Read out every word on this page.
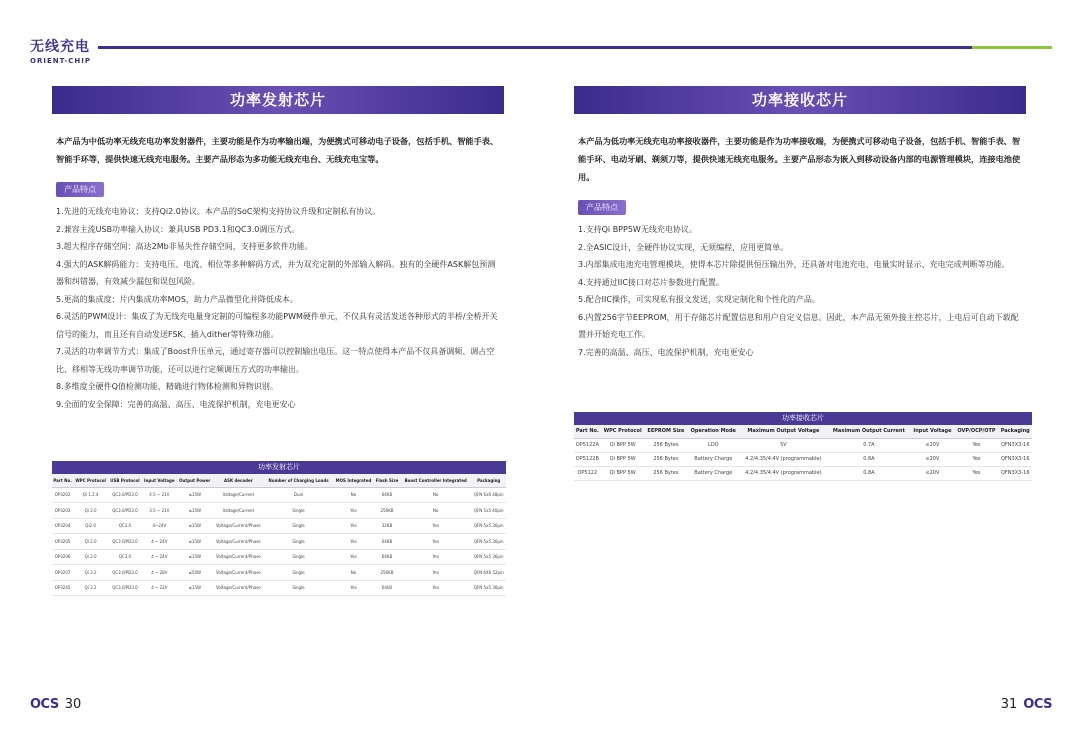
无线充电
ORIENT-CHIP
功率发射芯片
本产品为中低功率无线充电功率发射器件，主要功能是作为功率输出端，为便携式可移动电子设备，包括手机、智能手表、智能手环等，提供快速无线充电服务。主要产品形态为多功能无线充电台、无线充电宝等。
产品特点

1.先进的无线充电协议：支持Qi2.0协议。本产品的SoC架构支持协议升级和定制私有协议。

2.兼容主流USB功率输入协议：兼具USB PD3.1和QC3.0调压方式。

3.超大程序存储空间：高达2Mb非易失性存储空间，支持更多软件功能。

4.强大的ASK解码能力：支持电压、电流、相位等多种解码方式，并为双充定制的外部输入解码。独有的全硬件ASK解包预测器和纠错器，有效减少漏包和误包风险。

5.更高的集成度：片内集成功率MOS，助力产品微型化并降低成本。

6.灵活的PWM设计：集成了为无线充电量身定制的可编程多功能PWM硬件单元，不仅具有灵活发送各种形式的半桥/全桥开关信号的能力，而且还有自动发送FSK、插入dither等特殊功能。

7.灵活的功率调节方式：集成了Boost升压单元，通过寄存器可以控制输出电压。这一特点使得本产品不仅具备调频、调占空比、移相等无线功率调节功能，还可以进行定频调压方式的功率输出。

8.多维度全硬件Q值检测功能，精确进行物体检测和异物识别。

9.全面的安全保障：完善的高温、高压、电流保护机制，充电更安心

功率发射芯片
Part No.	WPC Protocol	USB Protocol	Input Voltage	Output Power	ASK decoder	Number of Charging Loads	MOS Integrated	Flash Size	Boost Controller Integrated	Packaging
OP3202	Qi 1.2.4	QC3.0/PD3.0	4.5 ~ 21V	≤15W	Voltage/Current	Dual	No	64KB	No	QFN 6x6 48pin
OP3203	Qi 2.0	QC3.0/PD3.0	3.5 ~ 21V	≤15W	Voltage/Current	Single	Yes	256KB	No	QFN 5x5 40pin
OP3204	Qi2.0	QC3.0	4~24V	≤15W	Voltage/Current/Phase	Single	Yes	32KB	Yes	QFN 5x5 36pin
OP3205	Qi 2.0	QC3.0/PD3.0	4 ~ 24V	≤15W	Voltage/Current/Phase	Single	Yes	64KB	Yes	QFN 5x5 36pin
OP3206	Qi 2.0	QC3.0	4 ~ 24V	≤15W	Voltage/Current/Phase	Single	Yes	64KB	Yes	QFN 5x5 36pin
OP3207	Qi 2.2	QC3.0/PD3.0	4 ~ 28V	≤50W	Voltage/Current/Phase	Single	No	256KB	Yes	QFN 6X6 52pin
OP3245	Qi 2.2	QC3.0/PD3.0	4 ~ 22V	≤15W	Voltage/Current/Phase	Single	Yes	64kB	Yes	QFN 5x5 36pin
功率接收芯片
本产品为低功率无线充电功率接收器件，主要功能是作为功率接收端，为便携式可移动电子设备，包括手机、智能手表、智能手环、电动牙刷、剃须刀等，提供快速无线充电服务。主要产品形态为嵌入到移动设备内部的电源管理模块，连接电池使用。
产品特点

1.支持Qi BPP5W无线充电协议。

2.全ASIC设计，全硬件协议实现，无须编程，应用更简单。

3.内部集成电池充电管理模块，使得本芯片除提供恒压输出外，还具备对电池充电、电量实时显示、充电完成判断等功能。

4.支持通过IIC接口对芯片参数进行配置。

5.配合IIC操作，可实现私有报文发送，实现定制化和个性化的产品。

6.内置256字节EEPROM，用于存储芯片配置信息和用户自定义信息。因此，本产品无须外接主控芯片，上电后可自动下载配置并开始充电工作。

7.完善的高温、高压、电流保护机制，充电更安心

功率接收芯片
Part No.	WPC Protocol	EEPROM Size	Operation Mode	Maximum Output Voltage	Maximum Output Current	Input Voltage	OVP/OCP/OTP	Packaging
OP5122A	Qi BPP 5W	256 Bytes	LDO	5V	0.7A	≤20V	Yes	QFN3X3-16
OP5122B	Qi BPP 5W	256 Bytes	Battery Charge	4.2/4.35/4.4V (programmable)	0.8A	≤20V	Yes	QFN3X3-16
OP5122	Qi BPP 5W	256 Bytes	Battery Charge	4.2/4.35/4.4V (programmable)	0.8A	≤20V	Yes	QFN3X3-16
OCS 30	31 OCS
